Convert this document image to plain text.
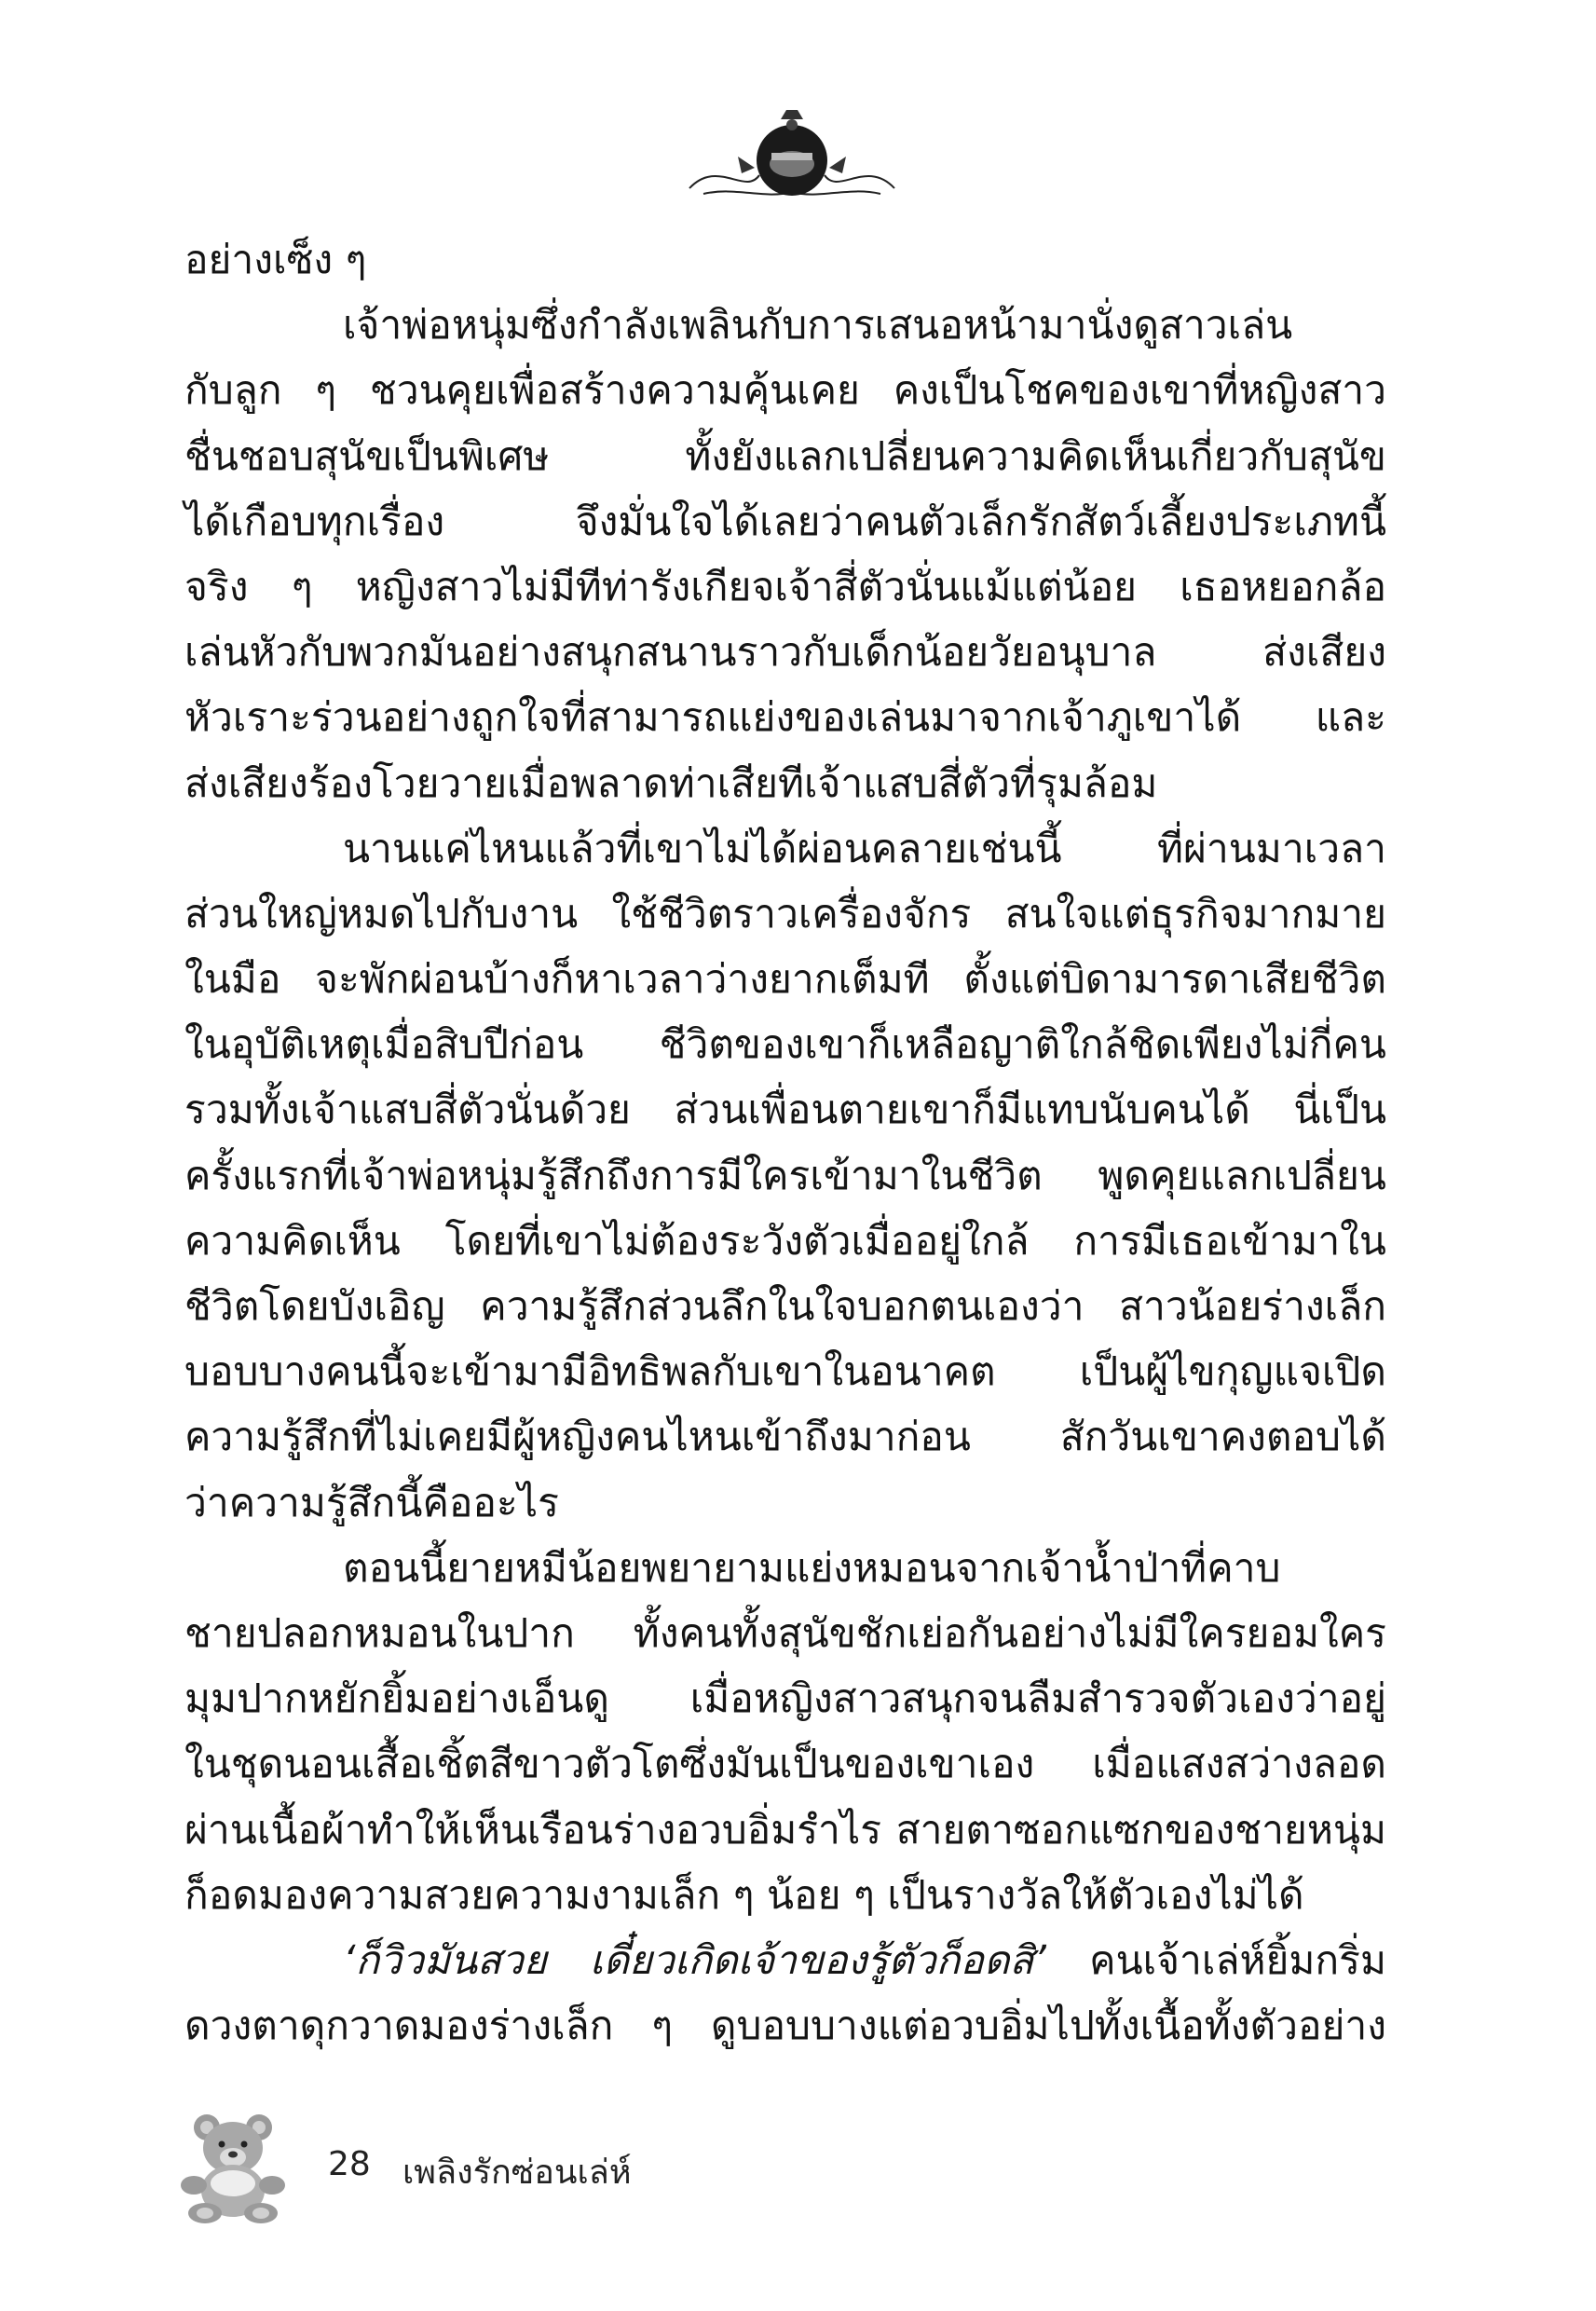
อย่างเซ็ง ๆ
เจ้าพ่อหนุ่มซึ่งกำลังเพลินกับการเสนอหน้ามานั่งดูสาวเล่น
กับลูก ๆ ชวนคุยเพื่อสร้างความคุ้นเคย คงเป็นโชคของเขาที่หญิงสาว
ชื่นชอบสุนัขเป็นพิเศษ ทั้งยังแลกเปลี่ยนความคิดเห็นเกี่ยวกับสุนัข
ได้เกือบทุกเรื่อง จึงมั่นใจได้เลยว่าคนตัวเล็กรักสัตว์เลี้ยงประเภทนี้
จริง ๆ หญิงสาวไม่มีทีท่ารังเกียจเจ้าสี่ตัวนั่นแม้แต่น้อย เธอหยอกล้อ
เล่นหัวกับพวกมันอย่างสนุกสนานราวกับเด็กน้อยวัยอนุบาล ส่งเสียง
หัวเราะร่วนอย่างถูกใจที่สามารถแย่งของเล่นมาจากเจ้าภูเขาได้ และ
ส่งเสียงร้องโวยวายเมื่อพลาดท่าเสียทีเจ้าแสบสี่ตัวที่รุมล้อม
นานแค่ไหนแล้วที่เขาไม่ได้ผ่อนคลายเช่นนี้ ที่ผ่านมาเวลา
ส่วนใหญ่หมดไปกับงาน ใช้ชีวิตราวเครื่องจักร สนใจแต่ธุรกิจมากมาย
ในมือ จะพักผ่อนบ้างก็หาเวลาว่างยากเต็มที ตั้งแต่บิดามารดาเสียชีวิต
ในอุบัติเหตุเมื่อสิบปีก่อน ชีวิตของเขาก็เหลือญาติใกล้ชิดเพียงไม่กี่คน
รวมทั้งเจ้าแสบสี่ตัวนั่นด้วย ส่วนเพื่อนตายเขาก็มีแทบนับคนได้ นี่เป็น
ครั้งแรกที่เจ้าพ่อหนุ่มรู้สึกถึงการมีใครเข้ามาในชีวิต พูดคุยแลกเปลี่ยน
ความคิดเห็น โดยที่เขาไม่ต้องระวังตัวเมื่ออยู่ใกล้ การมีเธอเข้ามาใน
ชีวิตโดยบังเอิญ ความรู้สึกส่วนลึกในใจบอกตนเองว่า สาวน้อยร่างเล็ก
บอบบางคนนี้จะเข้ามามีอิทธิพลกับเขาในอนาคต เป็นผู้ไขกุญแจเปิด
ความรู้สึกที่ไม่เคยมีผู้หญิงคนไหนเข้าถึงมาก่อน สักวันเขาคงตอบได้
ว่าความรู้สึกนี้คืออะไร
ตอนนี้ยายหมีน้อยพยายามแย่งหมอนจากเจ้าน้ำป่าที่คาบ
ชายปลอกหมอนในปาก ทั้งคนทั้งสุนัขชักเย่อกันอย่างไม่มีใครยอมใคร
มุมปากหยักยิ้มอย่างเอ็นดู เมื่อหญิงสาวสนุกจนลืมสำรวจตัวเองว่าอยู่
ในชุดนอนเสื้อเชิ้ตสีขาวตัวโตซึ่งมันเป็นของเขาเอง เมื่อแสงสว่างลอด
ผ่านเนื้อผ้าทำให้เห็นเรือนร่างอวบอิ่มรำไร สายตาซอกแซกของชายหนุ่ม
ก็อดมองความสวยความงามเล็ก ๆ น้อย ๆ เป็นรางวัลให้ตัวเองไม่ได้
‘ก็วิวมันสวย เดี๋ยวเกิดเจ้าของรู้ตัวก็อดสิ’ คนเจ้าเล่ห์ยิ้มกริ่ม
ดวงตาดุกวาดมองร่างเล็ก ๆ ดูบอบบางแต่อวบอิ่มไปทั้งเนื้อทั้งตัวอย่าง
28 เพลิงรักซ่อนเล่ห์
